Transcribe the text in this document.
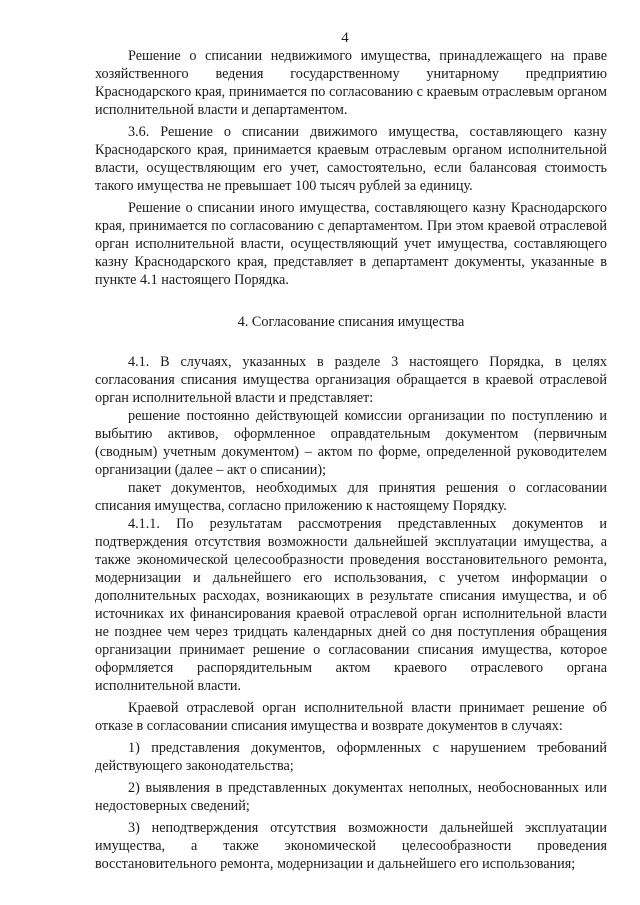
4

Решение о списании недвижимого имущества, принадлежащего на праве хозяйственного ведения государственному унитарному предприятию Краснодарского края, принимается по согласованию с краевым отраслевым органом исполнительной власти и департаментом.

3.6. Решение о списании движимого имущества, составляющего казну Краснодарского края, принимается краевым отраслевым органом исполнительной власти, осуществляющим его учет, самостоятельно, если балансовая стоимость такого имущества не превышает 100 тысяч рублей за единицу.

Решение о списании иного имущества, составляющего казну Краснодарского края, принимается по согласованию с департаментом. При этом краевой отраслевой орган исполнительной власти, осуществляющий учет имущества, составляющего казну Краснодарского края, представляет в департамент документы, указанные в пункте 4.1 настоящего Порядка.

4. Согласование списания имущества

4.1. В случаях, указанных в разделе 3 настоящего Порядка, в целях согласования списания имущества организация обращается в краевой отраслевой орган исполнительной власти и представляет:

решение постоянно действующей комиссии организации по поступлению и выбытию активов, оформленное оправдательным документом (первичным (сводным) учетным документом) – актом по форме, определенной руководителем организации (далее – акт о списании);

пакет документов, необходимых для принятия решения о согласовании списания имущества, согласно приложению к настоящему Порядку.

4.1.1. По результатам рассмотрения представленных документов и подтверждения отсутствия возможности дальнейшей эксплуатации имущества, а также экономической целесообразности проведения восстановительного ремонта, модернизации и дальнейшего его использования, с учетом информации о дополнительных расходах, возникающих в результате списания имущества, и об источниках их финансирования краевой отраслевой орган исполнительной власти не позднее чем через тридцать календарных дней со дня поступления обращения организации принимает решение о согласовании списания имущества, которое оформляется распорядительным актом краевого отраслевого органа исполнительной власти.

Краевой отраслевой орган исполнительной власти принимает решение об отказе в согласовании списания имущества и возврате документов в случаях:

1) представления документов, оформленных с нарушением требований действующего законодательства;

2) выявления в представленных документах неполных, необоснованных или недостоверных сведений;

3) неподтверждения отсутствия возможности дальнейшей эксплуатации имущества, а также экономической целесообразности проведения восстановительного ремонта, модернизации и дальнейшего его использования;
